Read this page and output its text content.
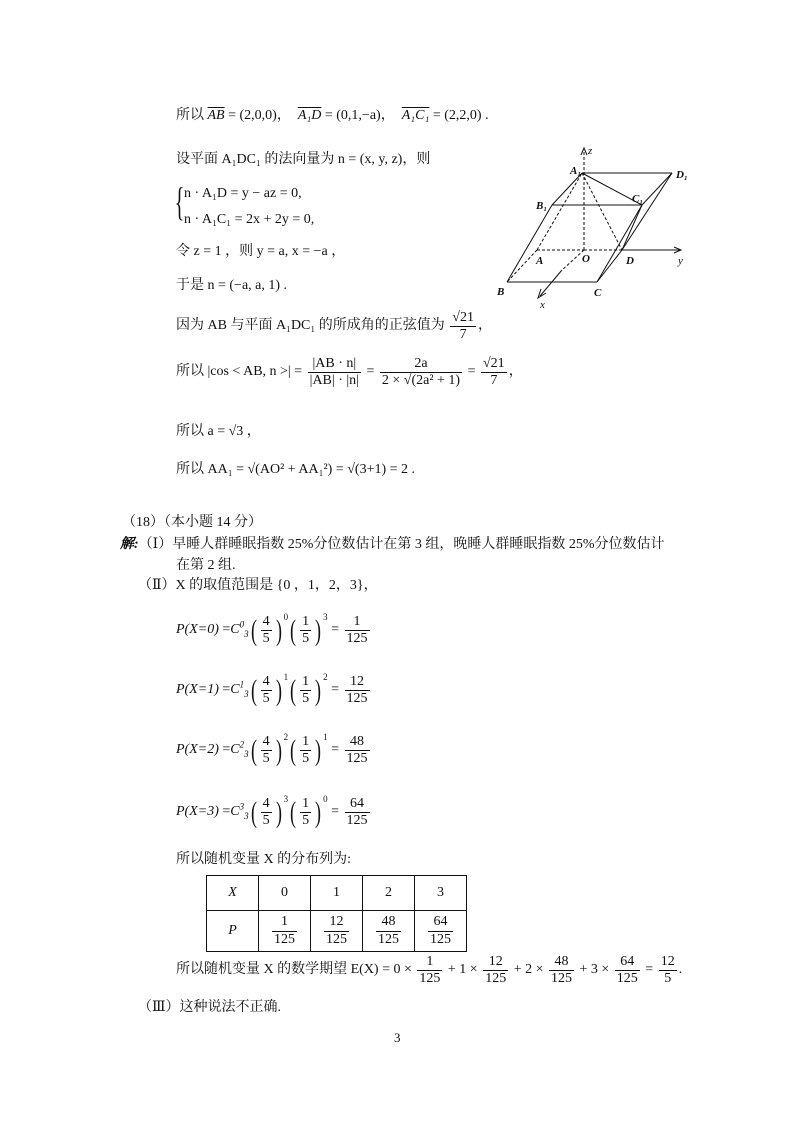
所以 $\overline{AB} = (2,0,0)$，  A₁D = (0,1,−a)，  A₁C₁ = (2,2,0) .
设平面 A₁DC₁ 的法向量为 n = (x, y, z)，则
{ n · A₁D = y − az = 0,
n · A₁C₁ = 2x + 2y = 0,
令 z = 1 ，则 y = a, x = −a ，
于是 n = (−a, a, 1) .
因为 AB 与平面 A₁DC₁ 的所成角的正弦值为 $\frac{√21}{7}$ ，
所以 |cos < AB, n >| = $\frac{|AB \cdot n|}{|AB| \cdot |n|} = \frac{2a}{\text{2 × √(2a² + 1)}} = \frac{√21}{7}$ ，
所以 a = √3 ，
所以 AA₁ = √(AO² + AA₁²) = √(3+1) = 2 .
A₁
B₁
C₁
D₁
A
B	C
D
O
x
y
z
（18）（本小题 14 分）
解:（Ⅰ）早睡人群睡眠指数 25%分位数估计在第 3 组，晚睡人群睡眠指数 25%分位数估计
在第 2 组.
（Ⅱ）X 的取值范围是 {0 ，1，2，3}，
$P(X=0) =C^0_3( \frac{4}{5}$ ) $^0( \frac{1}{5}$ ) $^3 = \frac{1}{125}$
$P(X=1) =C^1_3( \frac{4}{5}$ ) $^1( \frac{1}{5}$ ) $^2 = \frac{12}{125}$
$P(X=2) =C^2_3( \frac{4}{5}$ ) $^2( \frac{1}{5}$ ) $^1 = \frac{48}{125}$
$P(X=3) =C^3_3( \frac{4}{5}$ ) $^3( \frac{1}{5}$ ) $^0 = \frac{64}{125}$
所以随机变量 X 的分布列为:
X	0	1	2	3
P	$\frac{1}{125}$	$\frac{12}{125}$	$\frac{48}{125}$	$\frac{64}{125}$
所以随机变量 X 的数学期望 $E(X) = 0 \times \frac{1}{125} + 1 \times \frac{12}{125} + 2 \times \frac{48}{125} + 3 \times \frac{64}{125} = \frac{12}{5}$ .
（Ⅲ）这种说法不正确.
3
